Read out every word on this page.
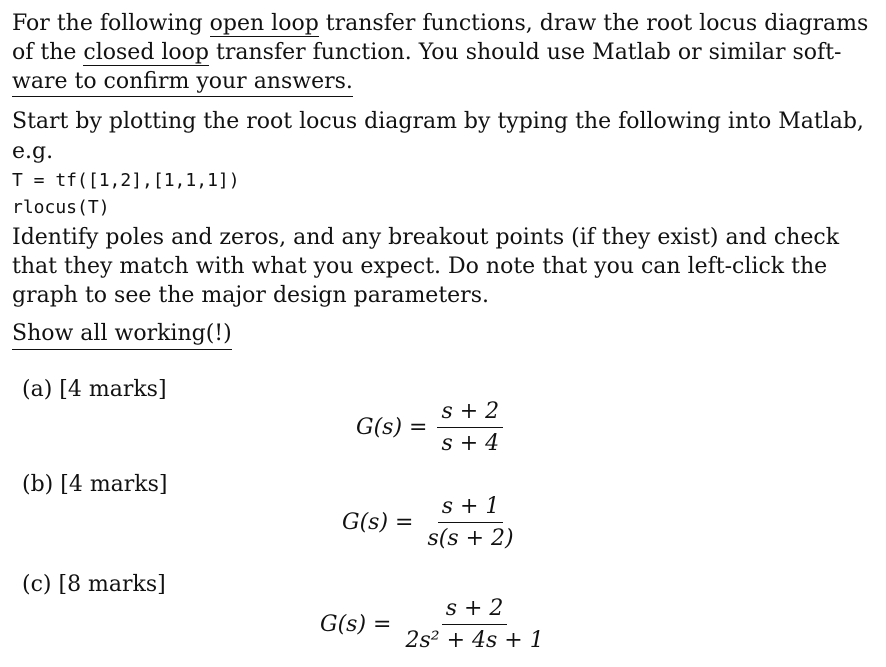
For the following open loop transfer functions, draw the root locus diagrams
of the closed loop transfer function. You should use Matlab or similar soft-
ware to confirm your answers.
Start by plotting the root locus diagram by typing the following into Matlab,
e.g.
T = tf([1,2],[1,1,1])
rlocus(T)
Identify poles and zeros, and any breakout points (if they exist) and check
that they match with what you expect. Do note that you can left-click the
graph to see the major design parameters.
Show all working(!)
(a) [4 marks]
$G(s) = \frac{s + 2}{s + 4}$
(b) [4 marks]
$G(s) = \frac{s + 1}{s(s + 2)}$
(c) [8 marks]
$G(s) = \frac{s + 2}{\text{2s² + 4s + 1}}$
